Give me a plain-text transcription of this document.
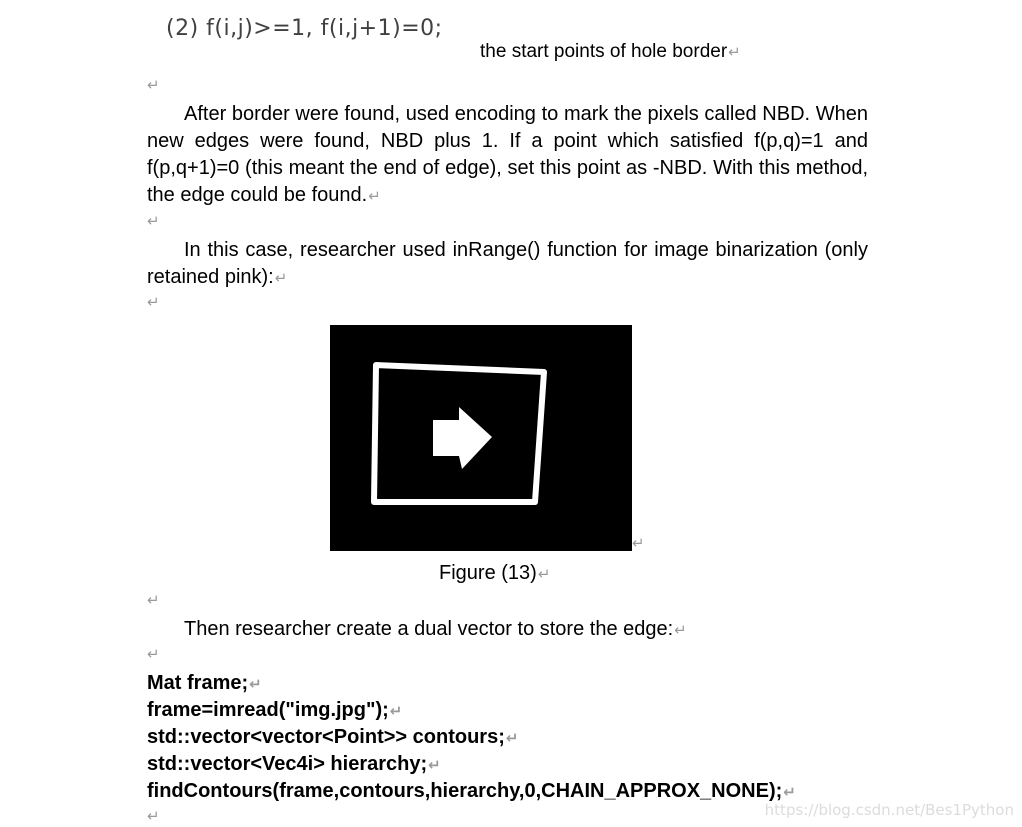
(2) f(i,j)>=1, f(i,j+1)=0;
the start points of hole border↵
↵
After border were found, used encoding to mark the pixels called NBD. When new edges were found, NBD plus 1. If a point which satisfied f(p,q)=1 and f(p,q+1)=0 (this meant the end of edge), set this point as -NBD. With this method, the edge could be found.↵
↵
In this case, researcher used inRange() function for image binarization (only retained pink):↵
↵
↵
Figure (13)↵
↵
Then researcher create a dual vector to store the edge:↵
↵
Mat frame;↵
frame=imread("img.jpg");↵
std::vector<vector<Point>> contours;↵
std::vector<Vec4i> hierarchy;↵
findContours(frame,contours,hierarchy,0,CHAIN_APPROX_NONE);↵
↵	https://blog.csdn.net/Bes1Python
